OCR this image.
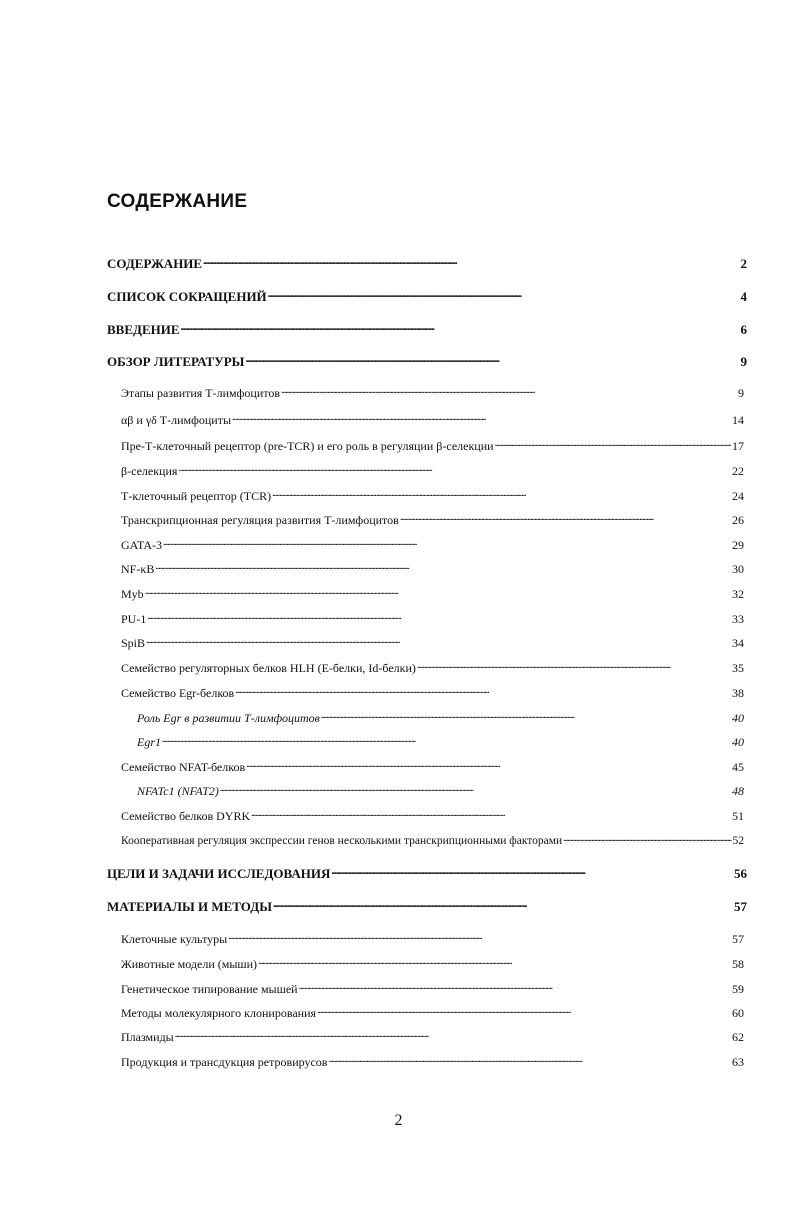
СОДЕРЖАНИЕ
СОДЕРЖАНИЕ . . .	2
СПИСОК СОКРАЩЕНИЙ . . .	4
ВВЕДЕНИЕ . . .	6
ОБЗОР ЛИТЕРАТУРЫ . . .	9
Этапы развития Т-лимфоцитов . . .	9
αβ и γδ Т-лимфоциты . . .	14
Пре-Т-клеточный рецептор (pre-TCR) и его роль в регуляции β-селекции . . .	17
β-селекция . . .	22
Т-клеточный рецептор (TCR) . . .	24
Транскрипционная регуляция развития Т-лимфоцитов . . .	26
GATA-3 . . .	29
NF-κB . . .	30
Myb . . .	32
PU-1 . . .	33
SpiB . . .	34
Семейство регуляторных белков HLH (E-белки, Id-белки) . . .	35
Семейство Egr-белков . . .	38
Роль Egr в развитии Т-лимфоцитов . . .	40
Egr1 . . .	40
Семейство NFAT-белков . . .	45
NFATc1 (NFAT2) . . .	48
Семейство белков DYRK . . .	51
Кооперативная регуляция экспрессии генов несколькими транскрипционными факторами . . .	52
ЦЕЛИ И ЗАДАЧИ ИССЛЕДОВАНИЯ . . .	56
МАТЕРИАЛЫ И МЕТОДЫ . . .	57
Клеточные культуры . . .	57
Животные модели (мыши) . . .	58
Генетическое типирование мышей . . .	59
Методы молекулярного клонирования . . .	60
Плазмиды . . .	62
Продукция и трансдукция ретровирусов . . .	63
2
